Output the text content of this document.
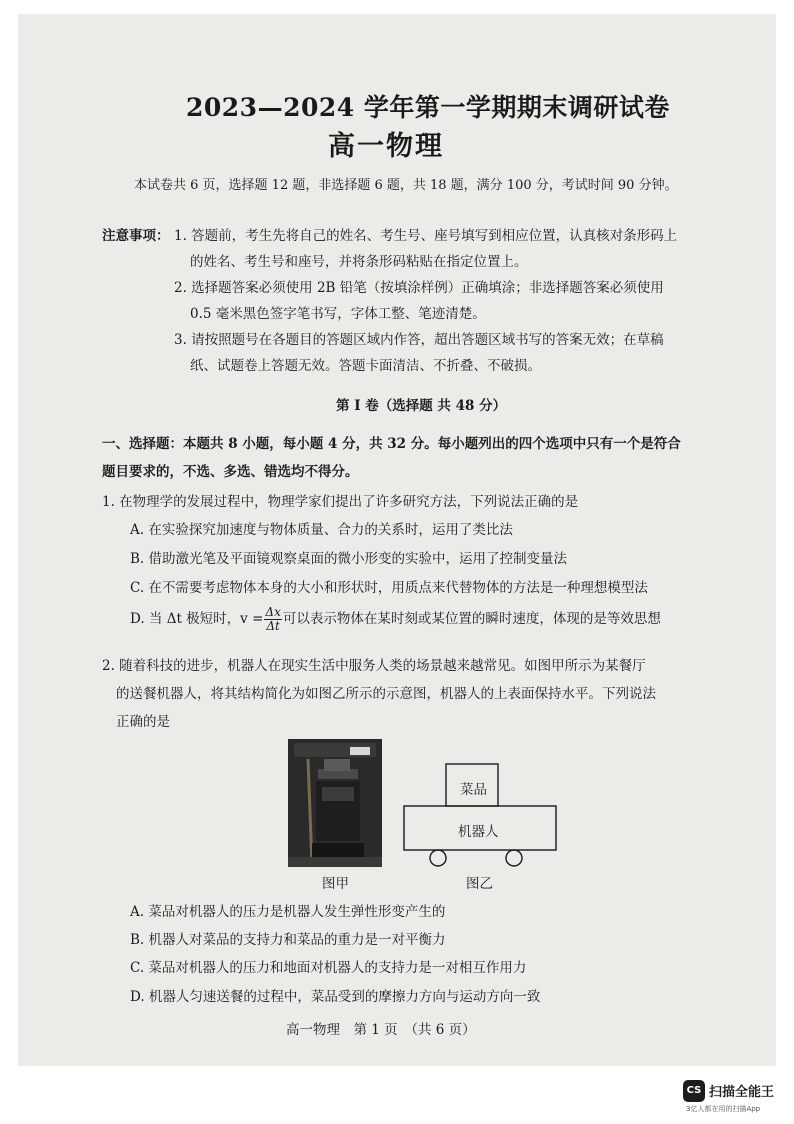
2023—2024 学年第一学期期末调研试卷
高一物理
本试卷共 6 页，选择题 12 题，非选择题 6 题，共 18 题，满分 100 分，考试时间 90 分钟。
注意事项： 1. 答题前，考生先将自己的姓名、考生号、座号填写到相应位置，认真核对条形码上
的姓名、考生号和座号，并将条形码粘贴在指定位置上。
2. 选择题答案必须使用 2B 铅笔（按填涂样例）正确填涂；非选择题答案必须使用
0.5 毫米黑色签字笔书写，字体工整、笔迹清楚。
3. 请按照题号在各题目的答题区域内作答，超出答题区域书写的答案无效；在草稿
纸、试题卷上答题无效。答题卡面清洁、不折叠、不破损。
第 Ⅰ 卷（选择题 共 48 分）
一、选择题：本题共 8 小题，每小题 4 分，共 32 分。每小题列出的四个选项中只有一个是符合
题目要求的，不选、多选、错选均不得分。
1. 在物理学的发展过程中，物理学家们提出了许多研究方法，下列说法正确的是
A. 在实验探究加速度与物体质量、合力的关系时，运用了类比法
B. 借助激光笔及平面镜观察桌面的微小形变的实验中，运用了控制变量法
C. 在不需要考虑物体本身的大小和形状时，用质点来代替物体的方法是一种理想模型法
D. 当 Δt 极短时，$v = \frac{\Delta x}{\Delta t}$ 可以表示物体在某时刻或某位置的瞬时速度，体现的是等效思想
2. 随着科技的进步，机器人在现实生活中服务人类的场景越来越常见。如图甲所示为某餐厅
的送餐机器人，将其结构简化为如图乙所示的示意图，机器人的上表面保持水平。下列说法
正确的是
图甲
菜品
机器人
图乙
A. 菜品对机器人的压力是机器人发生弹性形变产生的
B. 机器人对菜品的支持力和菜品的重力是一对平衡力
C. 菜品对机器人的压力和地面对机器人的支持力是一对相互作用力
D. 机器人匀速送餐的过程中，菜品受到的摩擦力方向与运动方向一致
高一物理　第 1 页　（共 6 页）
CS 扫描全能王
3亿人都在用的扫描App
